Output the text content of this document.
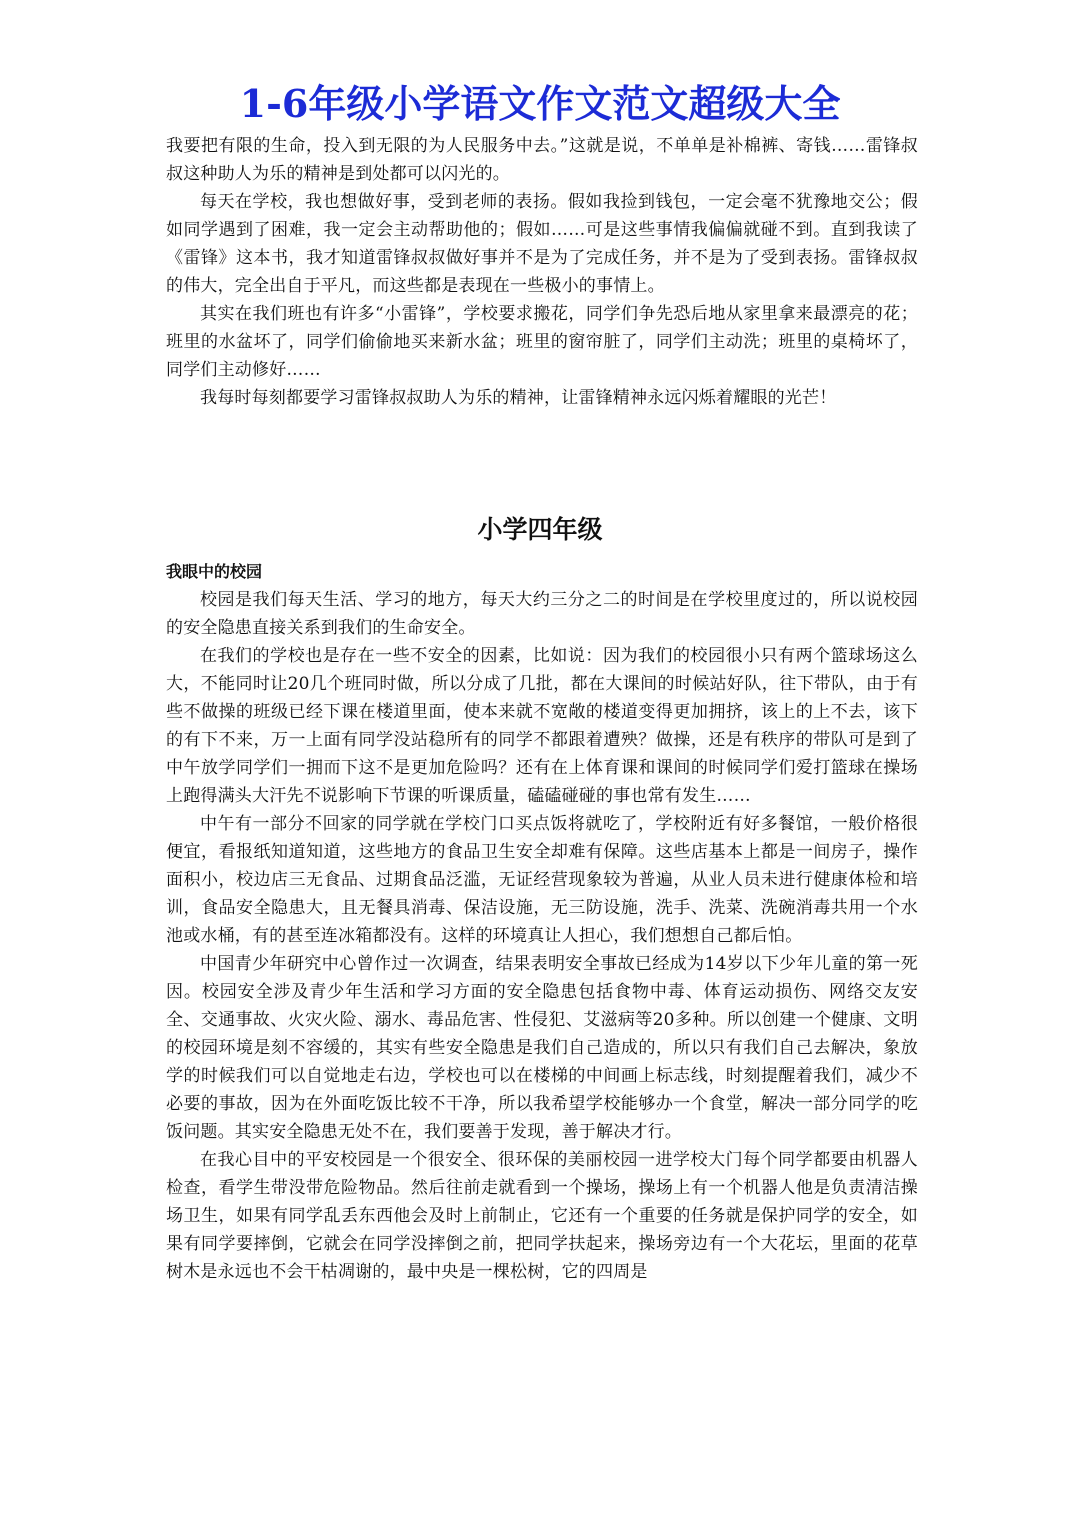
1-6年级小学语文作文范文超级大全

我要把有限的生命，投入到无限的为人民服务中去。”这就是说，不单单是补棉裤、寄钱……雷锋叔叔这种助人为乐的精神是到处都可以闪光的。

每天在学校，我也想做好事，受到老师的表扬。假如我捡到钱包，一定会毫不犹豫地交公；假如同学遇到了困难，我一定会主动帮助他的；假如……可是这些事情我偏偏就碰不到。直到我读了《雷锋》这本书，我才知道雷锋叔叔做好事并不是为了完成任务，并不是为了受到表扬。雷锋叔叔的伟大，完全出自于平凡，而这些都是表现在一些极小的事情上。

其实在我们班也有许多“小雷锋”，学校要求搬花，同学们争先恐后地从家里拿来最漂亮的花；班里的水盆坏了，同学们偷偷地买来新水盆；班里的窗帘脏了，同学们主动洗；班里的桌椅坏了，同学们主动修好……

我每时每刻都要学习雷锋叔叔助人为乐的精神，让雷锋精神永远闪烁着耀眼的光芒！

小学四年级
我眼中的校园

校园是我们每天生活、学习的地方，每天大约三分之二的时间是在学校里度过的，所以说校园的安全隐患直接关系到我们的生命安全。

在我们的学校也是存在一些不安全的因素，比如说：因为我们的校园很小只有两个篮球场这么大，不能同时让20几个班同时做，所以分成了几批，都在大课间的时候站好队，往下带队，由于有些不做操的班级已经下课在楼道里面，使本来就不宽敞的楼道变得更加拥挤，该上的上不去，该下的有下不来，万一上面有同学没站稳所有的同学不都跟着遭殃？做操，还是有秩序的带队可是到了中午放学同学们一拥而下这不是更加危险吗？还有在上体育课和课间的时候同学们爱打篮球在操场上跑得满头大汗先不说影响下节课的听课质量，磕磕碰碰的事也常有发生……

中午有一部分不回家的同学就在学校门口买点饭将就吃了，学校附近有好多餐馆，一般价格很便宜，看报纸知道知道，这些地方的食品卫生安全却难有保障。这些店基本上都是一间房子，操作面积小，校边店三无食品、过期食品泛滥，无证经营现象较为普遍，从业人员未进行健康体检和培训，食品安全隐患大，且无餐具消毒、保洁设施，无三防设施，洗手、洗菜、洗碗消毒共用一个水池或水桶，有的甚至连冰箱都没有。这样的环境真让人担心，我们想想自己都后怕。

中国青少年研究中心曾作过一次调查，结果表明安全事故已经成为14岁以下少年儿童的第一死因。校园安全涉及青少年生活和学习方面的安全隐患包括食物中毒、体育运动损伤、网络交友安全、交通事故、火灾火险、溺水、毒品危害、性侵犯、艾滋病等20多种。所以创建一个健康、文明的校园环境是刻不容缓的，其实有些安全隐患是我们自己造成的，所以只有我们自己去解决，象放学的时候我们可以自觉地走右边，学校也可以在楼梯的中间画上标志线，时刻提醒着我们，减少不必要的事故，因为在外面吃饭比较不干净，所以我希望学校能够办一个食堂，解决一部分同学的吃饭问题。其实安全隐患无处不在，我们要善于发现，善于解决才行。

在我心目中的平安校园是一个很安全、很环保的美丽校园一进学校大门每个同学都要由机器人检查，看学生带没带危险物品。然后往前走就看到一个操场，操场上有一个机器人他是负责清洁操场卫生，如果有同学乱丢东西他会及时上前制止，它还有一个重要的任务就是保护同学的安全，如果有同学要摔倒，它就会在同学没摔倒之前，把同学扶起来，操场旁边有一个大花坛，里面的花草树木是永远也不会干枯凋谢的，最中央是一棵松树，它的四周是
